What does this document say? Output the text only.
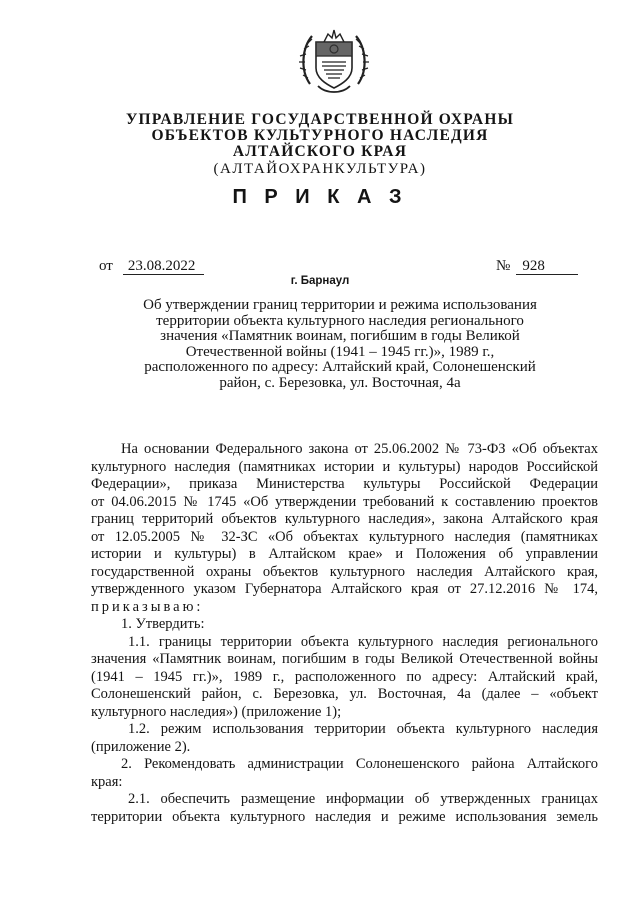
УПРАВЛЕНИЕ ГОСУДАРСТВЕННОЙ ОХРАНЫ

ОБЪЕКТОВ КУЛЬТУРНОГО НАСЛЕДИЯ

АЛТАЙСКОГО КРАЯ

(АЛТАЙОХРАНКУЛЬТУРА)

П Р И К А З
от 23.08.2022	№ 928
г. Барнаул
Об утверждении границ территории и режима использования
территории объекта культурного наследия регионального
значения «Памятник воинам, погибшим в годы Великой
Отечественной войны (1941 – 1945 гг.)», 1989 г.,
расположенного по адресу: Алтайский край, Солонешенский
район, с. Березовка, ул. Восточная, 4а
На основании Федерального закона от 25.06.2002 № 73-ФЗ «Об объектах
культурного наследия (памятниках истории и культуры) народов Российской
Федерации», приказа Министерства культуры Российской Федерации
от 04.06.2015 № 1745 «Об утверждении требований к составлению проектов
границ территорий объектов культурного наследия», закона Алтайского края
от 12.05.2005 № 32-ЗС «Об объектах культурного наследия (памятниках
истории и культуры) в Алтайском крае» и Положения об управлении
государственной охраны объектов культурного наследия Алтайского края,
утвержденного указом Губернатора Алтайского края от 27.12.2016 № 174,
приказываю:
1. Утвердить:
1.1. границы территории объекта культурного наследия регионального
значения «Памятник воинам, погибшим в годы Великой Отечественной войны
(1941 – 1945 гг.)», 1989 г., расположенного по адресу: Алтайский край,
Солонешенский район, с. Березовка, ул. Восточная, 4а (далее – «объект
культурного наследия») (приложение 1);
1.2. режим использования территории объекта культурного наследия
(приложение 2).
2. Рекомендовать администрации Солонешенского района Алтайского
края:
2.1. обеспечить размещение информации об утвержденных границах
территории объекта культурного наследия и режиме использования земель
